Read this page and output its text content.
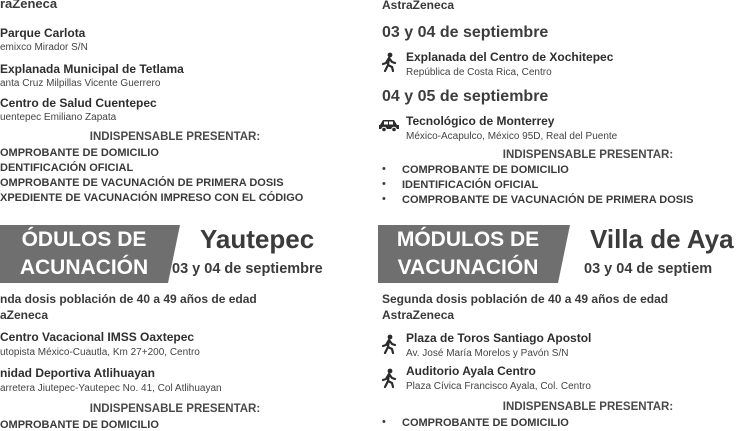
raZeneca
Parque Carlota
emixco Mirador S/N
Explanada Municipal de Tetlama
anta Cruz Milpillas Vicente Guerrero
Centro de Salud Cuentepec
uentepec Emiliano Zapata
INDISPENSABLE PRESENTAR:
OMPROBANTE DE DOMICILIO
DENTIFICACIÓN OFICIAL
OMPROBANTE DE VACUNACIÓN DE PRIMERA DOSIS
XPEDIENTE DE VACUNACIÓN IMPRESO CON EL CÓDIGO
ÓDULOS DE
ACUNACIÓN
Yautepec
03 y 04 de septiembre
nda dosis población de 40 a 49 años de edad
aZeneca
Centro Vacacional IMSS Oaxtepec
utopista México-Cuautla, Km 27+200, Centro
nidad Deportiva Atlihuayan
arretera Jiutepec-Yautepec No. 41, Col Atlihuayan
INDISPENSABLE PRESENTAR:
OMPROBANTE DE DOMICILIO
AstraZeneca
03 y 04 de septiembre
Explanada del Centro de Xochitepec
República de Costa Rica, Centro
04 y 05 de septiembre
Tecnológico de Monterrey
México-Acapulco, México 95D, Real del Puente
INDISPENSABLE PRESENTAR:
• COMPROBANTE DE DOMICILIO
• IDENTIFICACIÓN OFICIAL
• COMPROBANTE DE VACUNACIÓN DE PRIMERA DOSIS
MÓDULOS DE
VACUNACIÓN
Villa de Aya
03 y 04 de septiem
Segunda dosis población de 40 a 49 años de edad
AstraZeneca
Plaza de Toros Santiago Apostol
Av. José María Morelos y Pavón S/N
Auditorio Ayala Centro
Plaza Cívica Francisco Ayala, Col. Centro
INDISPENSABLE PRESENTAR:
• COMPROBANTE DE DOMICILIO
